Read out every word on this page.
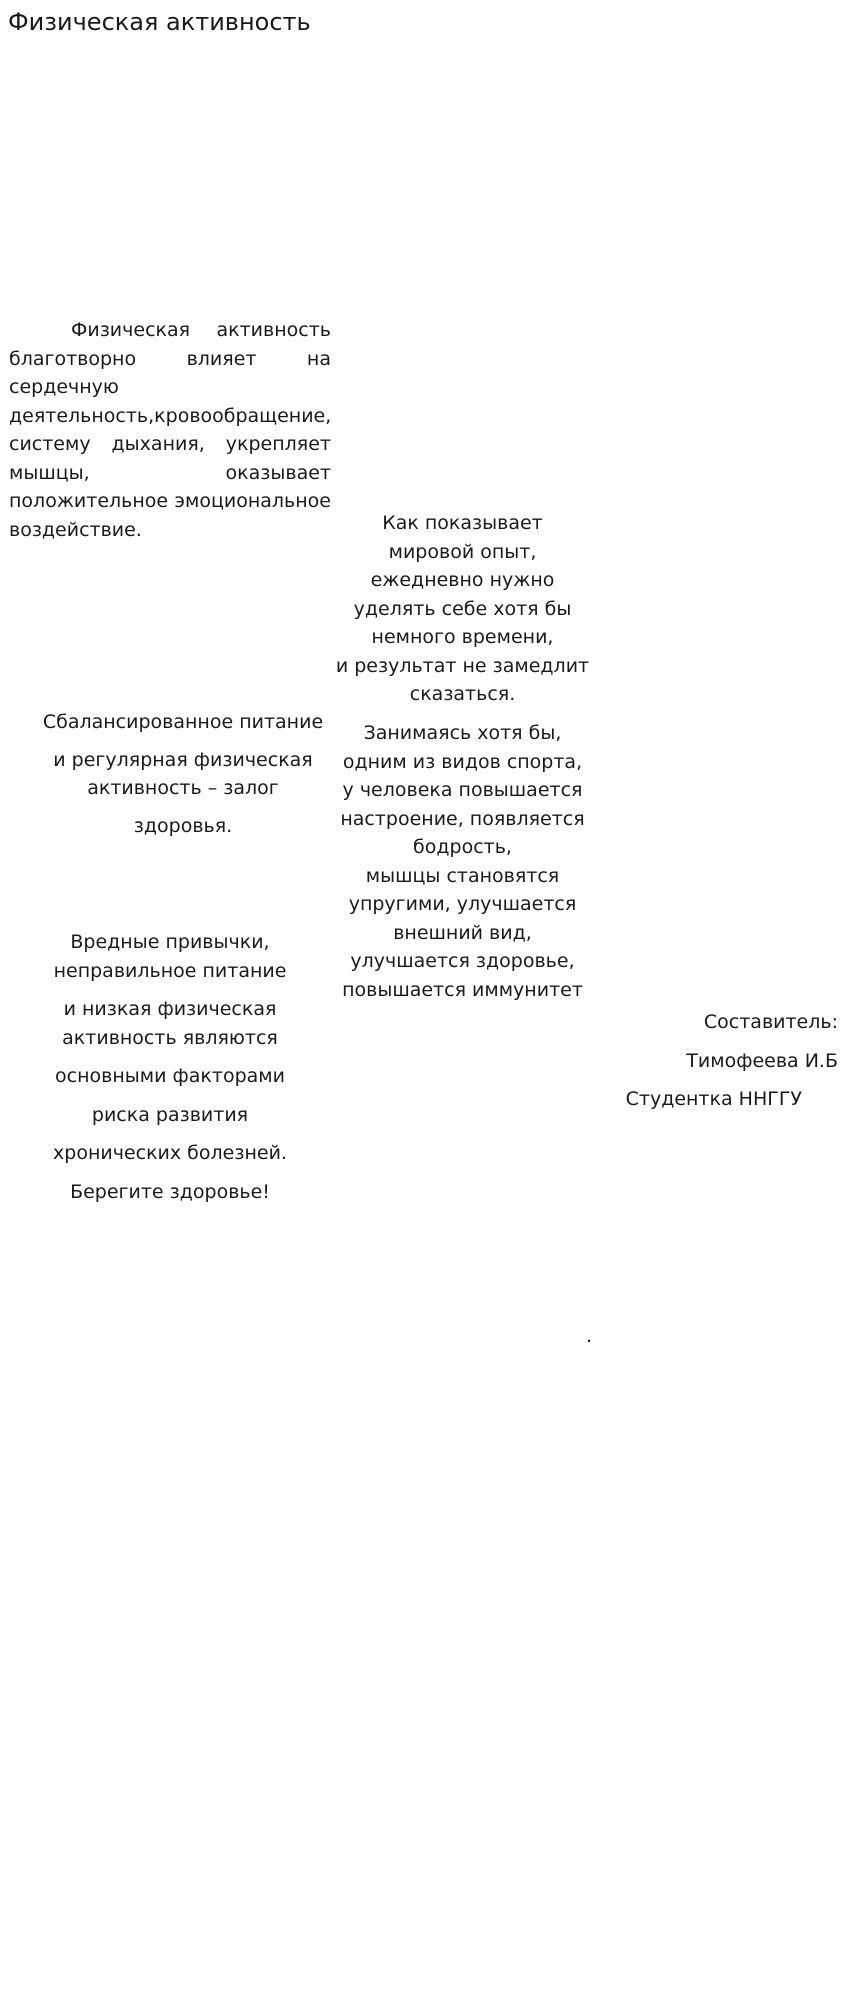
Физическая активность

Физическая активность благотворно влияет на сердечную деятельность,кровообращение, систему дыхания, укрепляет мышцы, оказывает положительное эмоциональное воздействие.	Как показывает
мировой опыт,
ежедневно нужно
уделять себе хотя бы
немного времени,
и результат не замедлит
сказаться.
Сбалансированное питание
и регулярная физическая
активность – залог
здоровья.
Занимаясь хотя бы,
одним из видов спорта,
у человека повышается
настроение, появляется
бодрость,
мышцы становятся
упругими, улучшается
внешний вид,
улучшается здоровье,
повышается иммунитет
Вредные привычки,
неправильное питание
и низкая физическая
активность являются
основными факторами
риска развития
хронических болезней.
Берегите здоровье!
Составитель:
Тимофеева И.Б
Студентка ННГГУ
.
